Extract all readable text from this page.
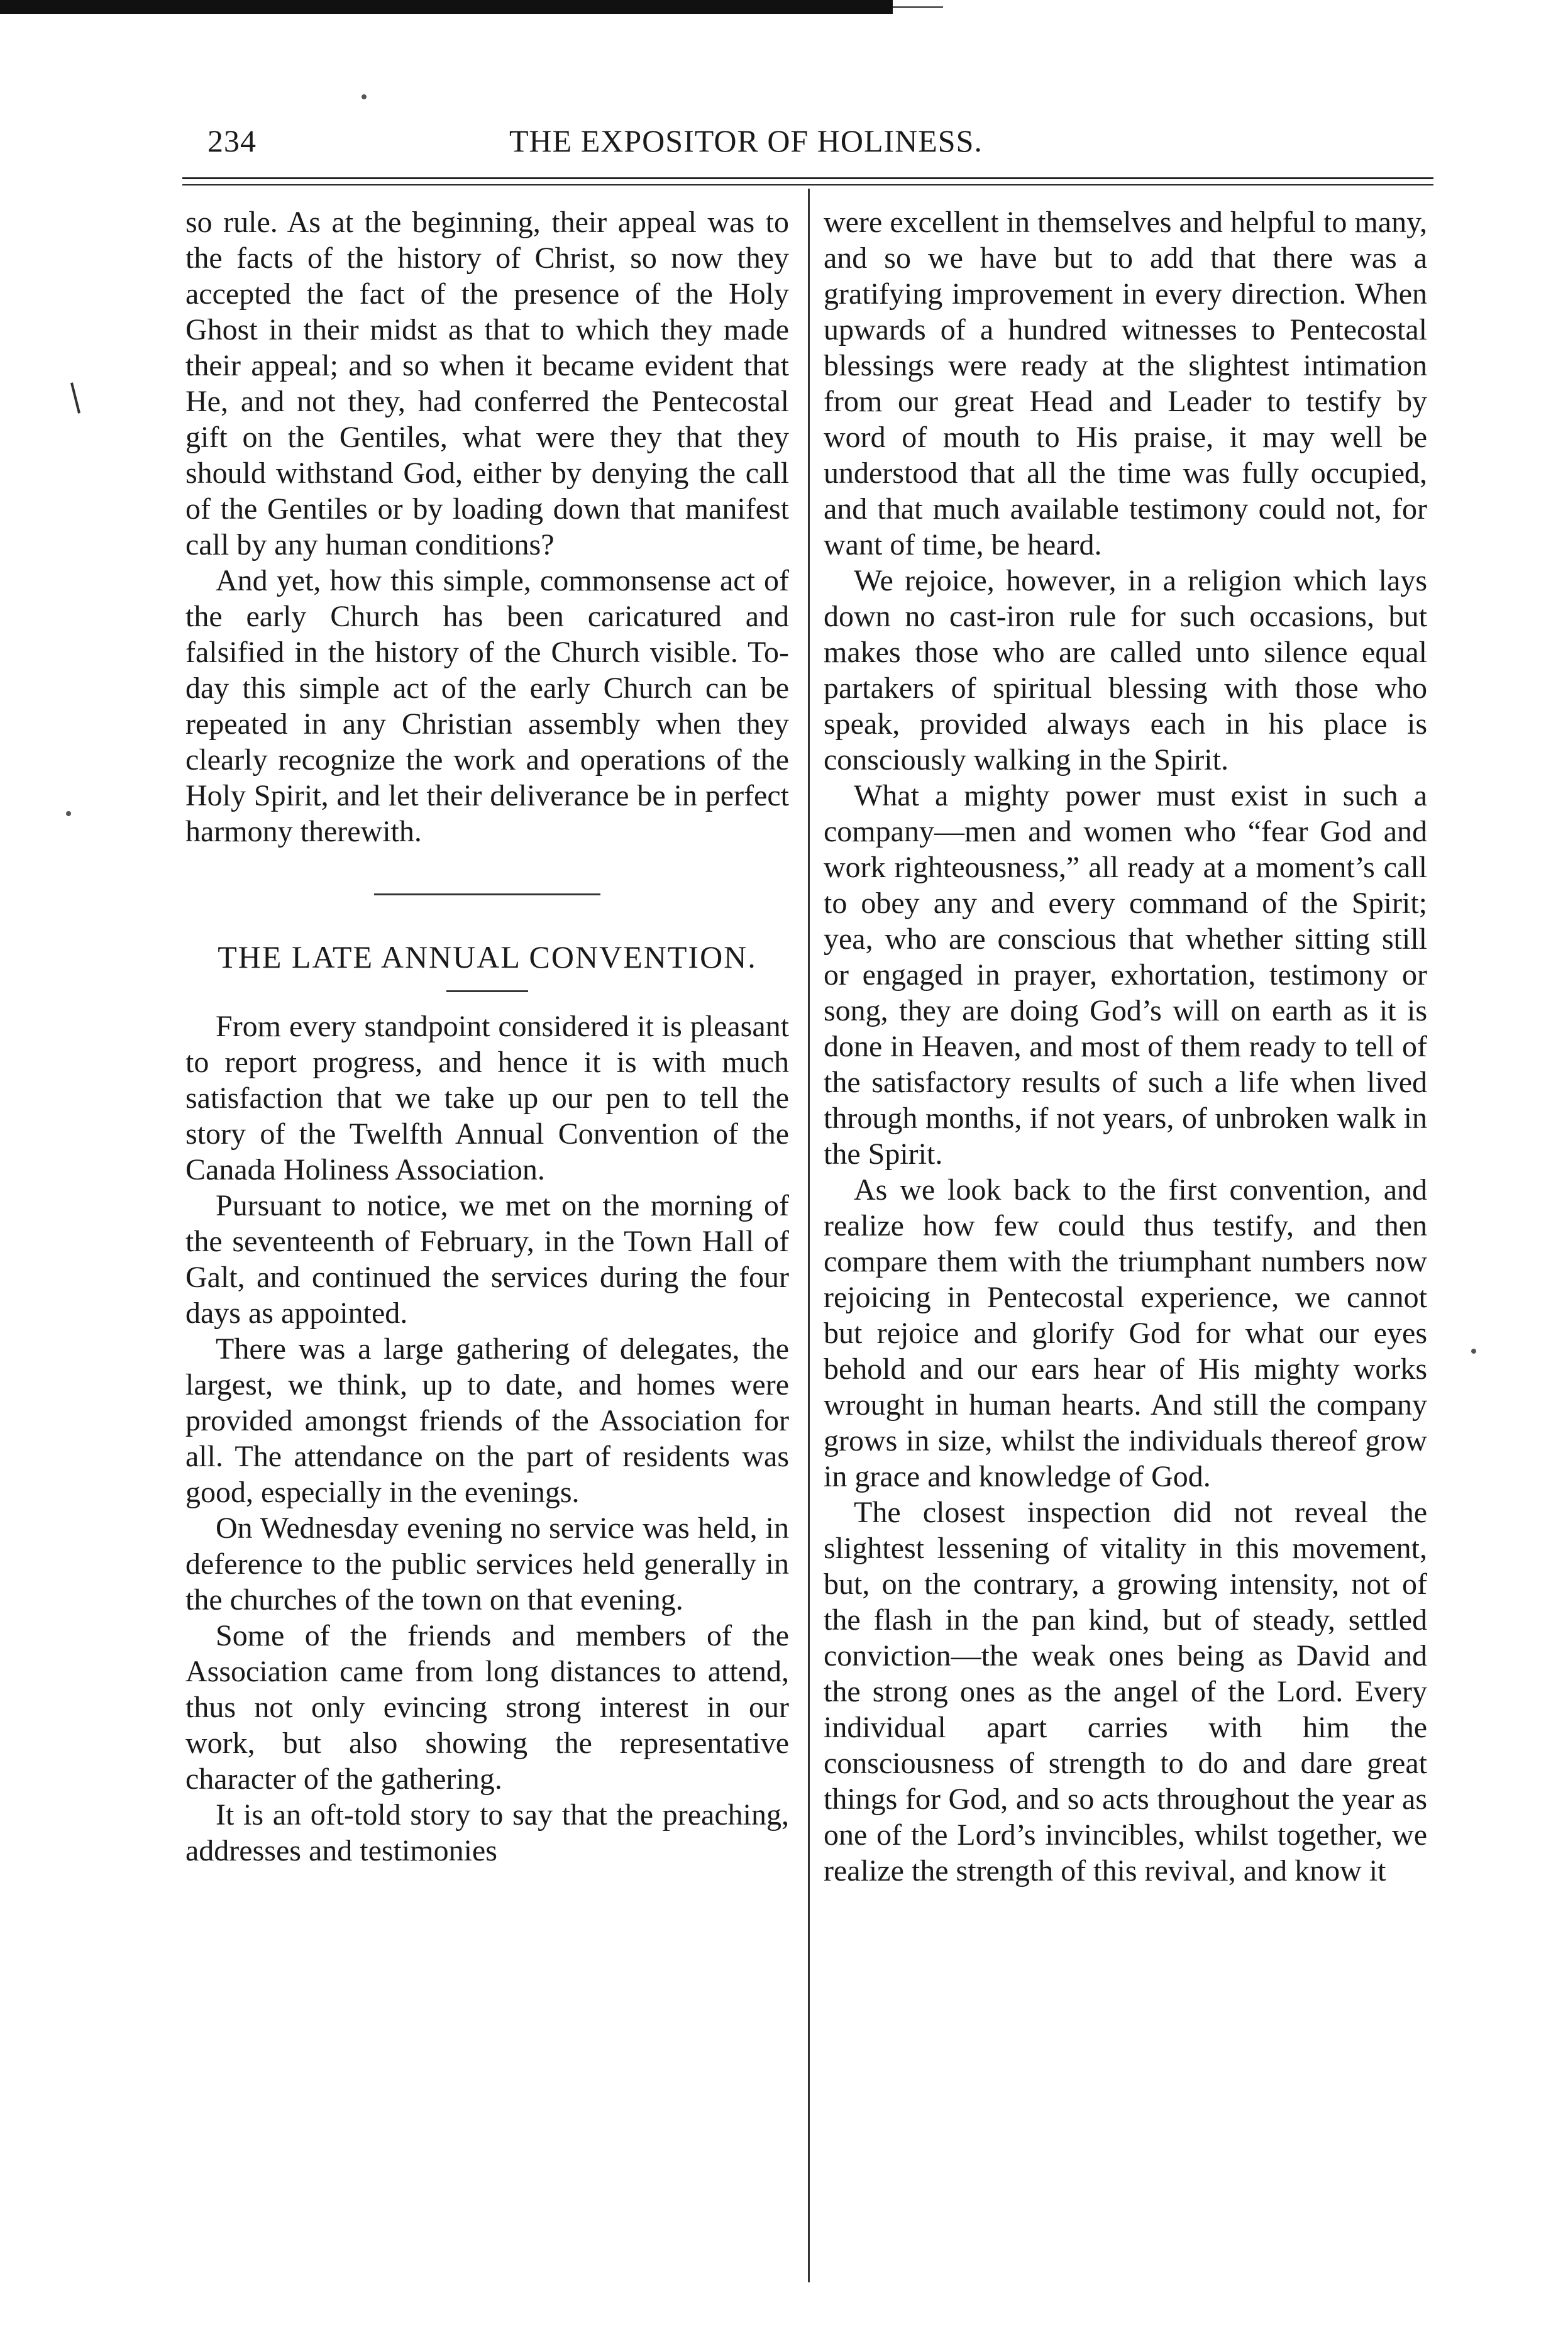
234	THE EXPOSITOR OF HOLINESS.

so rule. As at the beginning, their appeal was to the facts of the history of Christ, so now they accepted the fact of the presence of the Holy Ghost in their midst as that to which they made their appeal; and so when it became evident that He, and not they, had conferred the Pentecostal gift on the Gentiles, what were they that they should withstand God, either by denying the call of the Gentiles or by loading down that manifest call by any human conditions?

And yet, how this simple, commonsense act of the early Church has been caricatured and falsified in the history of the Church visible. To-day this simple act of the early Church can be repeated in any Christian assembly when they clearly recognize the work and operations of the Holy Spirit, and let their deliverance be in perfect harmony therewith.

THE LATE ANNUAL CONVENTION.

From every standpoint considered it is pleasant to report progress, and hence it is with much satisfaction that we take up our pen to tell the story of the Twelfth Annual Convention of the Canada Holiness Association.

Pursuant to notice, we met on the morning of the seventeenth of February, in the Town Hall of Galt, and continued the services during the four days as appointed.

There was a large gathering of delegates, the largest, we think, up to date, and homes were provided amongst friends of the Association for all. The attendance on the part of residents was good, especially in the evenings.

On Wednesday evening no service was held, in deference to the public services held generally in the churches of the town on that evening.

Some of the friends and members of the Association came from long distances to attend, thus not only evincing strong interest in our work, but also showing the representative character of the gathering.

It is an oft-told story to say that the preaching, addresses and testimonies

were excellent in themselves and helpful to many, and so we have but to add that there was a gratifying improvement in every direction. When upwards of a hundred witnesses to Pentecostal blessings were ready at the slightest intimation from our great Head and Leader to testify by word of mouth to His praise, it may well be understood that all the time was fully occupied, and that much available testimony could not, for want of time, be heard.

We rejoice, however, in a religion which lays down no cast-iron rule for such occasions, but makes those who are called unto silence equal partakers of spiritual blessing with those who speak, provided always each in his place is consciously walking in the Spirit.

What a mighty power must exist in such a company—men and women who “fear God and work righteousness,” all ready at a moment’s call to obey any and every command of the Spirit; yea, who are conscious that whether sitting still or engaged in prayer, exhortation, testimony or song, they are doing God’s will on earth as it is done in Heaven, and most of them ready to tell of the satisfactory results of such a life when lived through months, if not years, of unbroken walk in the Spirit.

As we look back to the first convention, and realize how few could thus testify, and then compare them with the triumphant numbers now rejoicing in Pentecostal experience, we cannot but rejoice and glorify God for what our eyes behold and our ears hear of His mighty works wrought in human hearts. And still the company grows in size, whilst the individuals thereof grow in grace and knowledge of God.

The closest inspection did not reveal the slightest lessening of vitality in this movement, but, on the contrary, a growing intensity, not of the flash in the pan kind, but of steady, settled conviction—the weak ones being as David and the strong ones as the angel of the Lord. Every individual apart carries with him the consciousness of strength to do and dare great things for God, and so acts throughout the year as one of the Lord’s invincibles, whilst together, we realize the strength of this revival, and know it
